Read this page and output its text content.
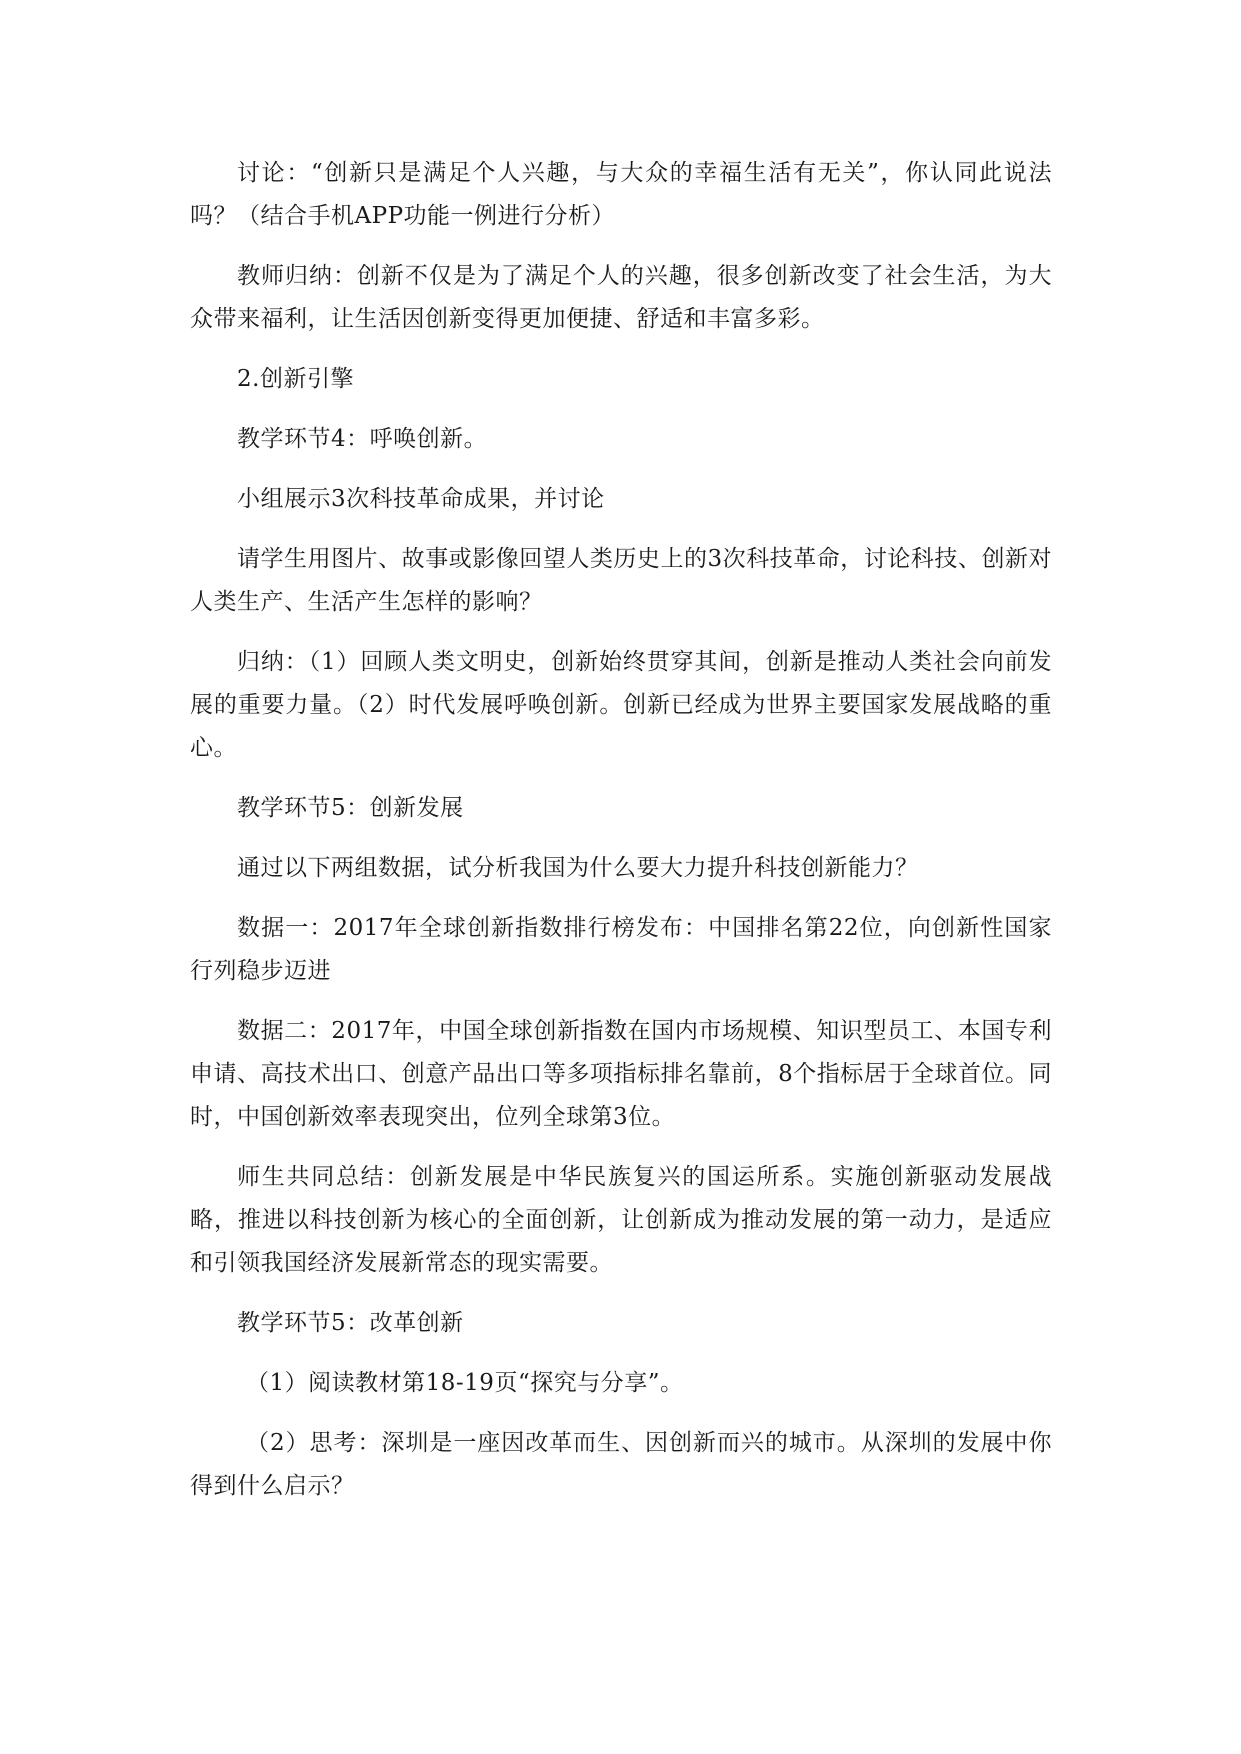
讨论：“创新只是满足个人兴趣，与大众的幸福生活有无关”，你认同此说法吗？（结合手机APP功能一例进行分析）

教师归纳：创新不仅是为了满足个人的兴趣，很多创新改变了社会生活，为大众带来福利，让生活因创新变得更加便捷、舒适和丰富多彩。

2.创新引擎

教学环节4：呼唤创新。

小组展示3次科技革命成果，并讨论

请学生用图片、故事或影像回望人类历史上的3次科技革命，讨论科技、创新对人类生产、生活产生怎样的影响？

归纳：（1）回顾人类文明史，创新始终贯穿其间，创新是推动人类社会向前发展的重要力量。（2）时代发展呼唤创新。创新已经成为世界主要国家发展战略的重心。

教学环节5：创新发展

通过以下两组数据，试分析我国为什么要大力提升科技创新能力？

数据一：2017年全球创新指数排行榜发布：中国排名第22位，向创新性国家行列稳步迈进

数据二：2017年，中国全球创新指数在国内市场规模、知识型员工、本国专利申请、高技术出口、创意产品出口等多项指标排名靠前，8个指标居于全球首位。同时，中国创新效率表现突出，位列全球第3位。

师生共同总结：创新发展是中华民族复兴的国运所系。实施创新驱动发展战略，推进以科技创新为核心的全面创新，让创新成为推动发展的第一动力，是适应和引领我国经济发展新常态的现实需要。

教学环节5：改革创新

（1）阅读教材第18-19页“探究与分享”。

（2）思考：深圳是一座因改革而生、因创新而兴的城市。从深圳的发展中你得到什么启示？
